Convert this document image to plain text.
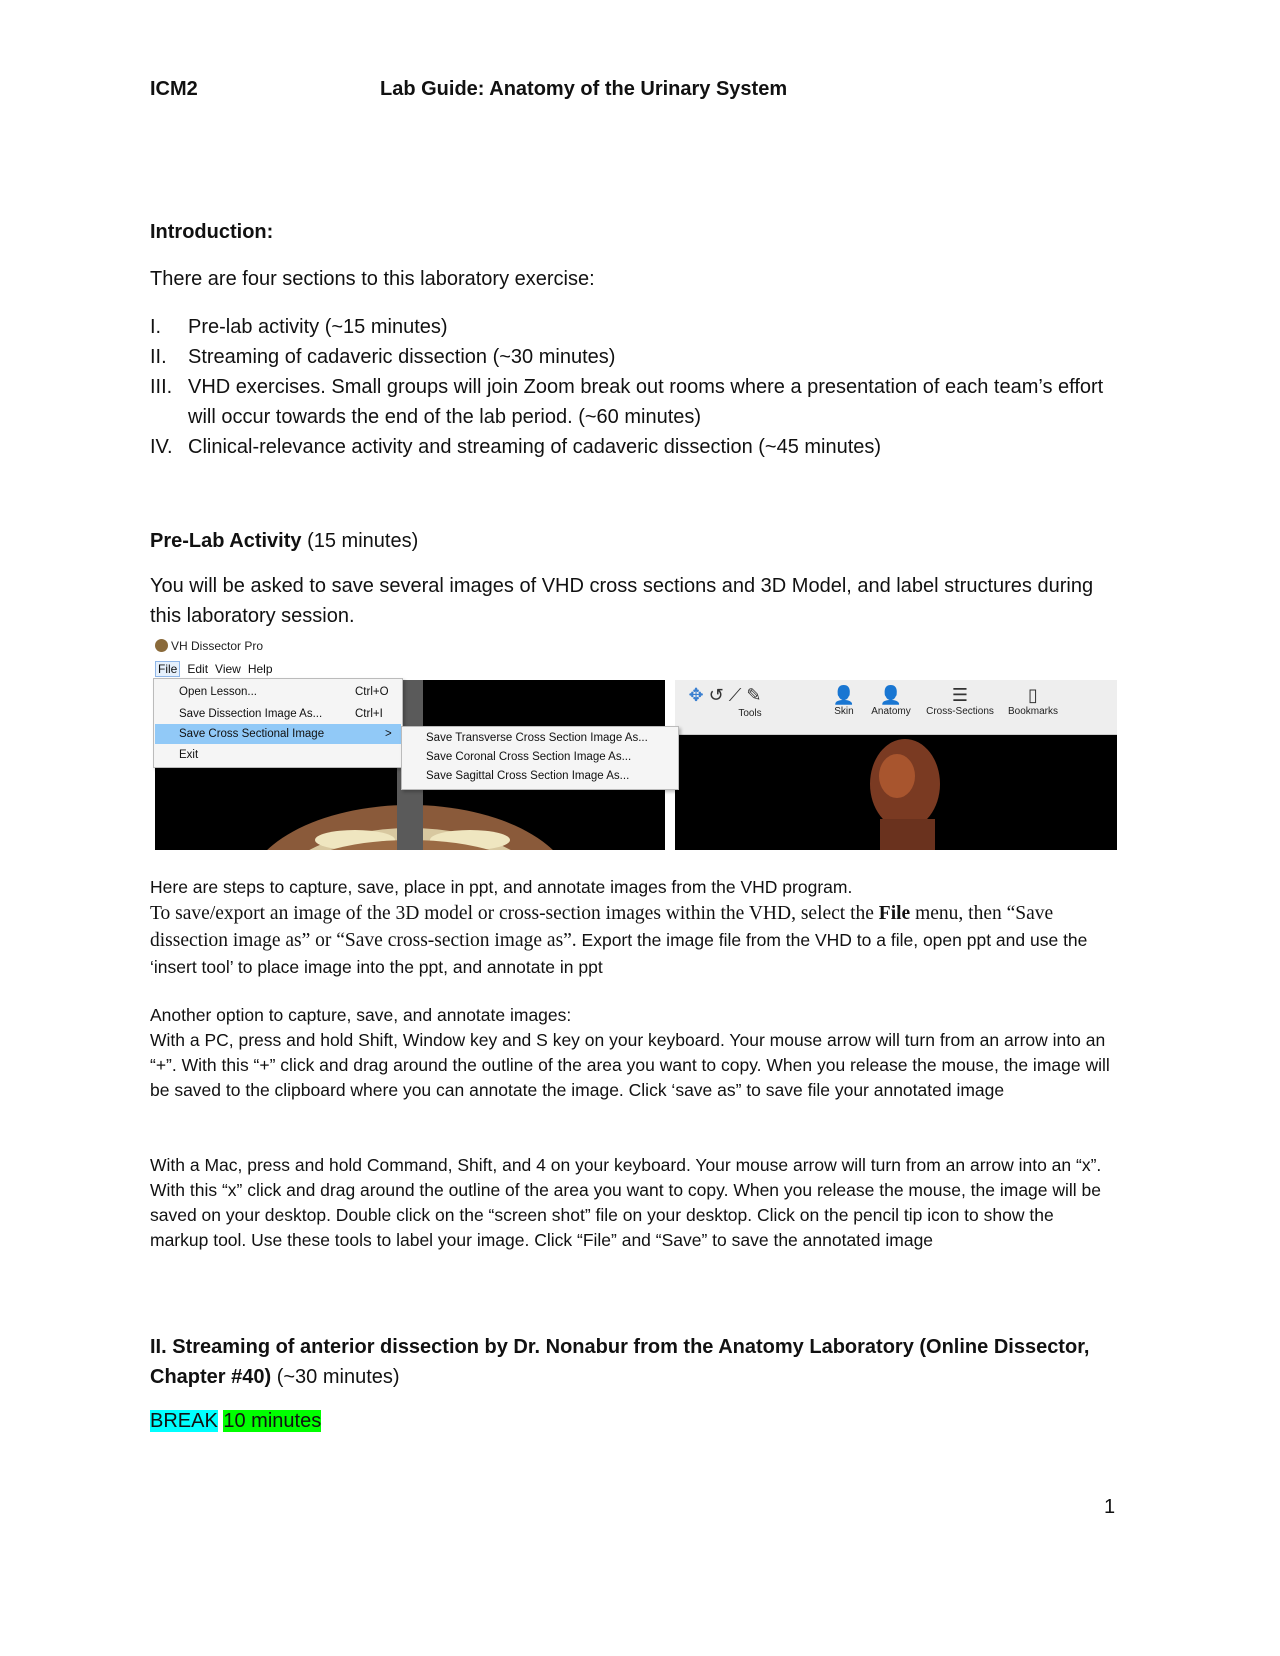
ICM2	Lab Guide: Anatomy of the Urinary System
Introduction:
There are four sections to this laboratory exercise:
I.	Pre-lab activity (~15 minutes)
II.	Streaming of cadaveric dissection (~30 minutes)
III. VHD exercises. Small groups will join Zoom break out rooms where a presentation of each team’s effort will occur towards the end of the lab period. (~60 minutes)
IV. Clinical-relevance activity and streaming of cadaveric dissection (~45 minutes)
Pre-Lab Activity (15 minutes)
You will be asked to save several images of VHD cross sections and 3D Model, and label structures during this laboratory session.
VH Dissector Pro
File Edit View Help
✥ ↺ ⟋ ✎
Tools
👤
Skin
👤
Anatomy
☰
Cross-Sections
▯
Bookmarks
Open Lesson...	Ctrl+O
Save Dissection Image As...	Ctrl+I
Save Cross Sectional Image	>
Exit
Save Transverse Cross Section Image As...
Save Coronal Cross Section Image As...
Save Sagittal Cross Section Image As...
Here are steps to capture, save, place in ppt, and annotate images from the VHD program.
To save/export an image of the 3D model or cross-section images within the VHD, select the File menu, then “Save dissection image as” or “Save cross-section image as”. Export the image file from the VHD to a file, open ppt and use the ‘insert tool’ to place image into the ppt, and annotate in ppt
Another option to capture, save, and annotate images:
With a PC, press and hold Shift, Window key and S key on your keyboard. Your mouse arrow will turn from an arrow into an “+”. With this “+” click and drag around the outline of the area you want to copy. When you release the mouse, the image will be saved to the clipboard where you can annotate the image. Click ‘save as” to save file your annotated image
With a Mac, press and hold Command, Shift, and 4 on your keyboard. Your mouse arrow will turn from an arrow into an “x”. With this “x” click and drag around the outline of the area you want to copy. When you release the mouse, the image will be saved on your desktop. Double click on the “screen shot” file on your desktop. Click on the pencil tip icon to show the markup tool. Use these tools to label your image. Click “File” and “Save” to save the annotated image
II. Streaming of anterior dissection by Dr. Nonabur from the Anatomy Laboratory (Online Dissector, Chapter #40) (~30 minutes)
BREAK 10 minutes
1
